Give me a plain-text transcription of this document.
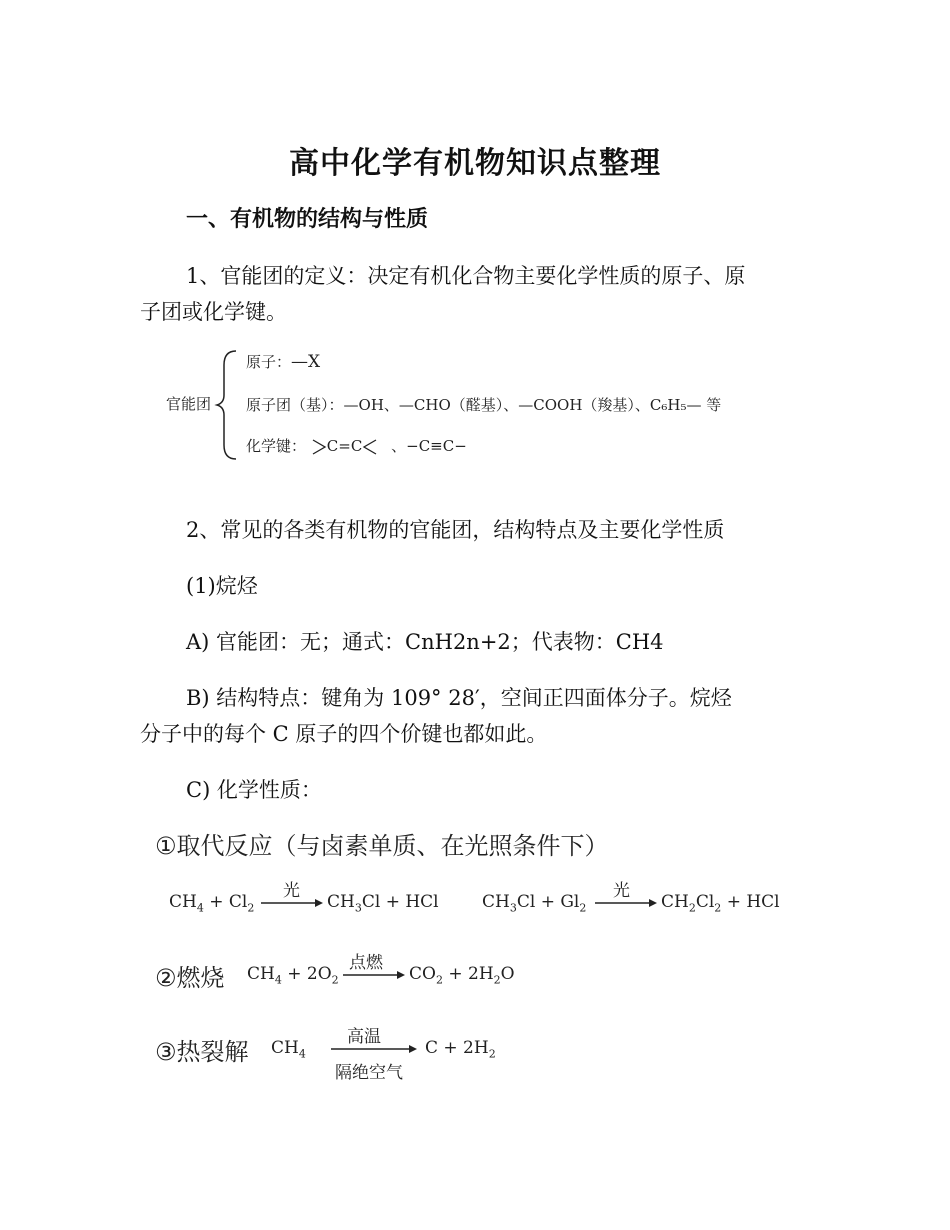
高中化学有机物知识点整理
一、有机物的结构与性质
1、官能团的定义：决定有机化合物主要化学性质的原子、原
子团或化学键。
官能团
原子：—X
原子团（基）：—OH、—CHO（醛基）、—COOH（羧基）、C₆H₅— 等
化学键： C=C 、−C≡C−
2、常见的各类有机物的官能团，结构特点及主要化学性质
(1)烷烃
A) 官能团：无；通式：CnH2n+2；代表物：CH4
B) 结构特点：键角为 109° 28′，空间正四面体分子。烷烃
分子中的每个 C 原子的四个价键也都如此。
C) 化学性质：
①取代反应（与卤素单质、在光照条件下）
$CH_4 + Cl_2$
光
$CH_3Cl$ + HCl	$CH_3Cl + Gl_2$
光
$CH_2Cl_2$ + HCl
②燃烧 $CH_4 + 2O_2$
点燃
$CO_2 + 2H_2O$
③热裂解 $CH_4$
高温
隔绝空气
$C + 2H_2$
